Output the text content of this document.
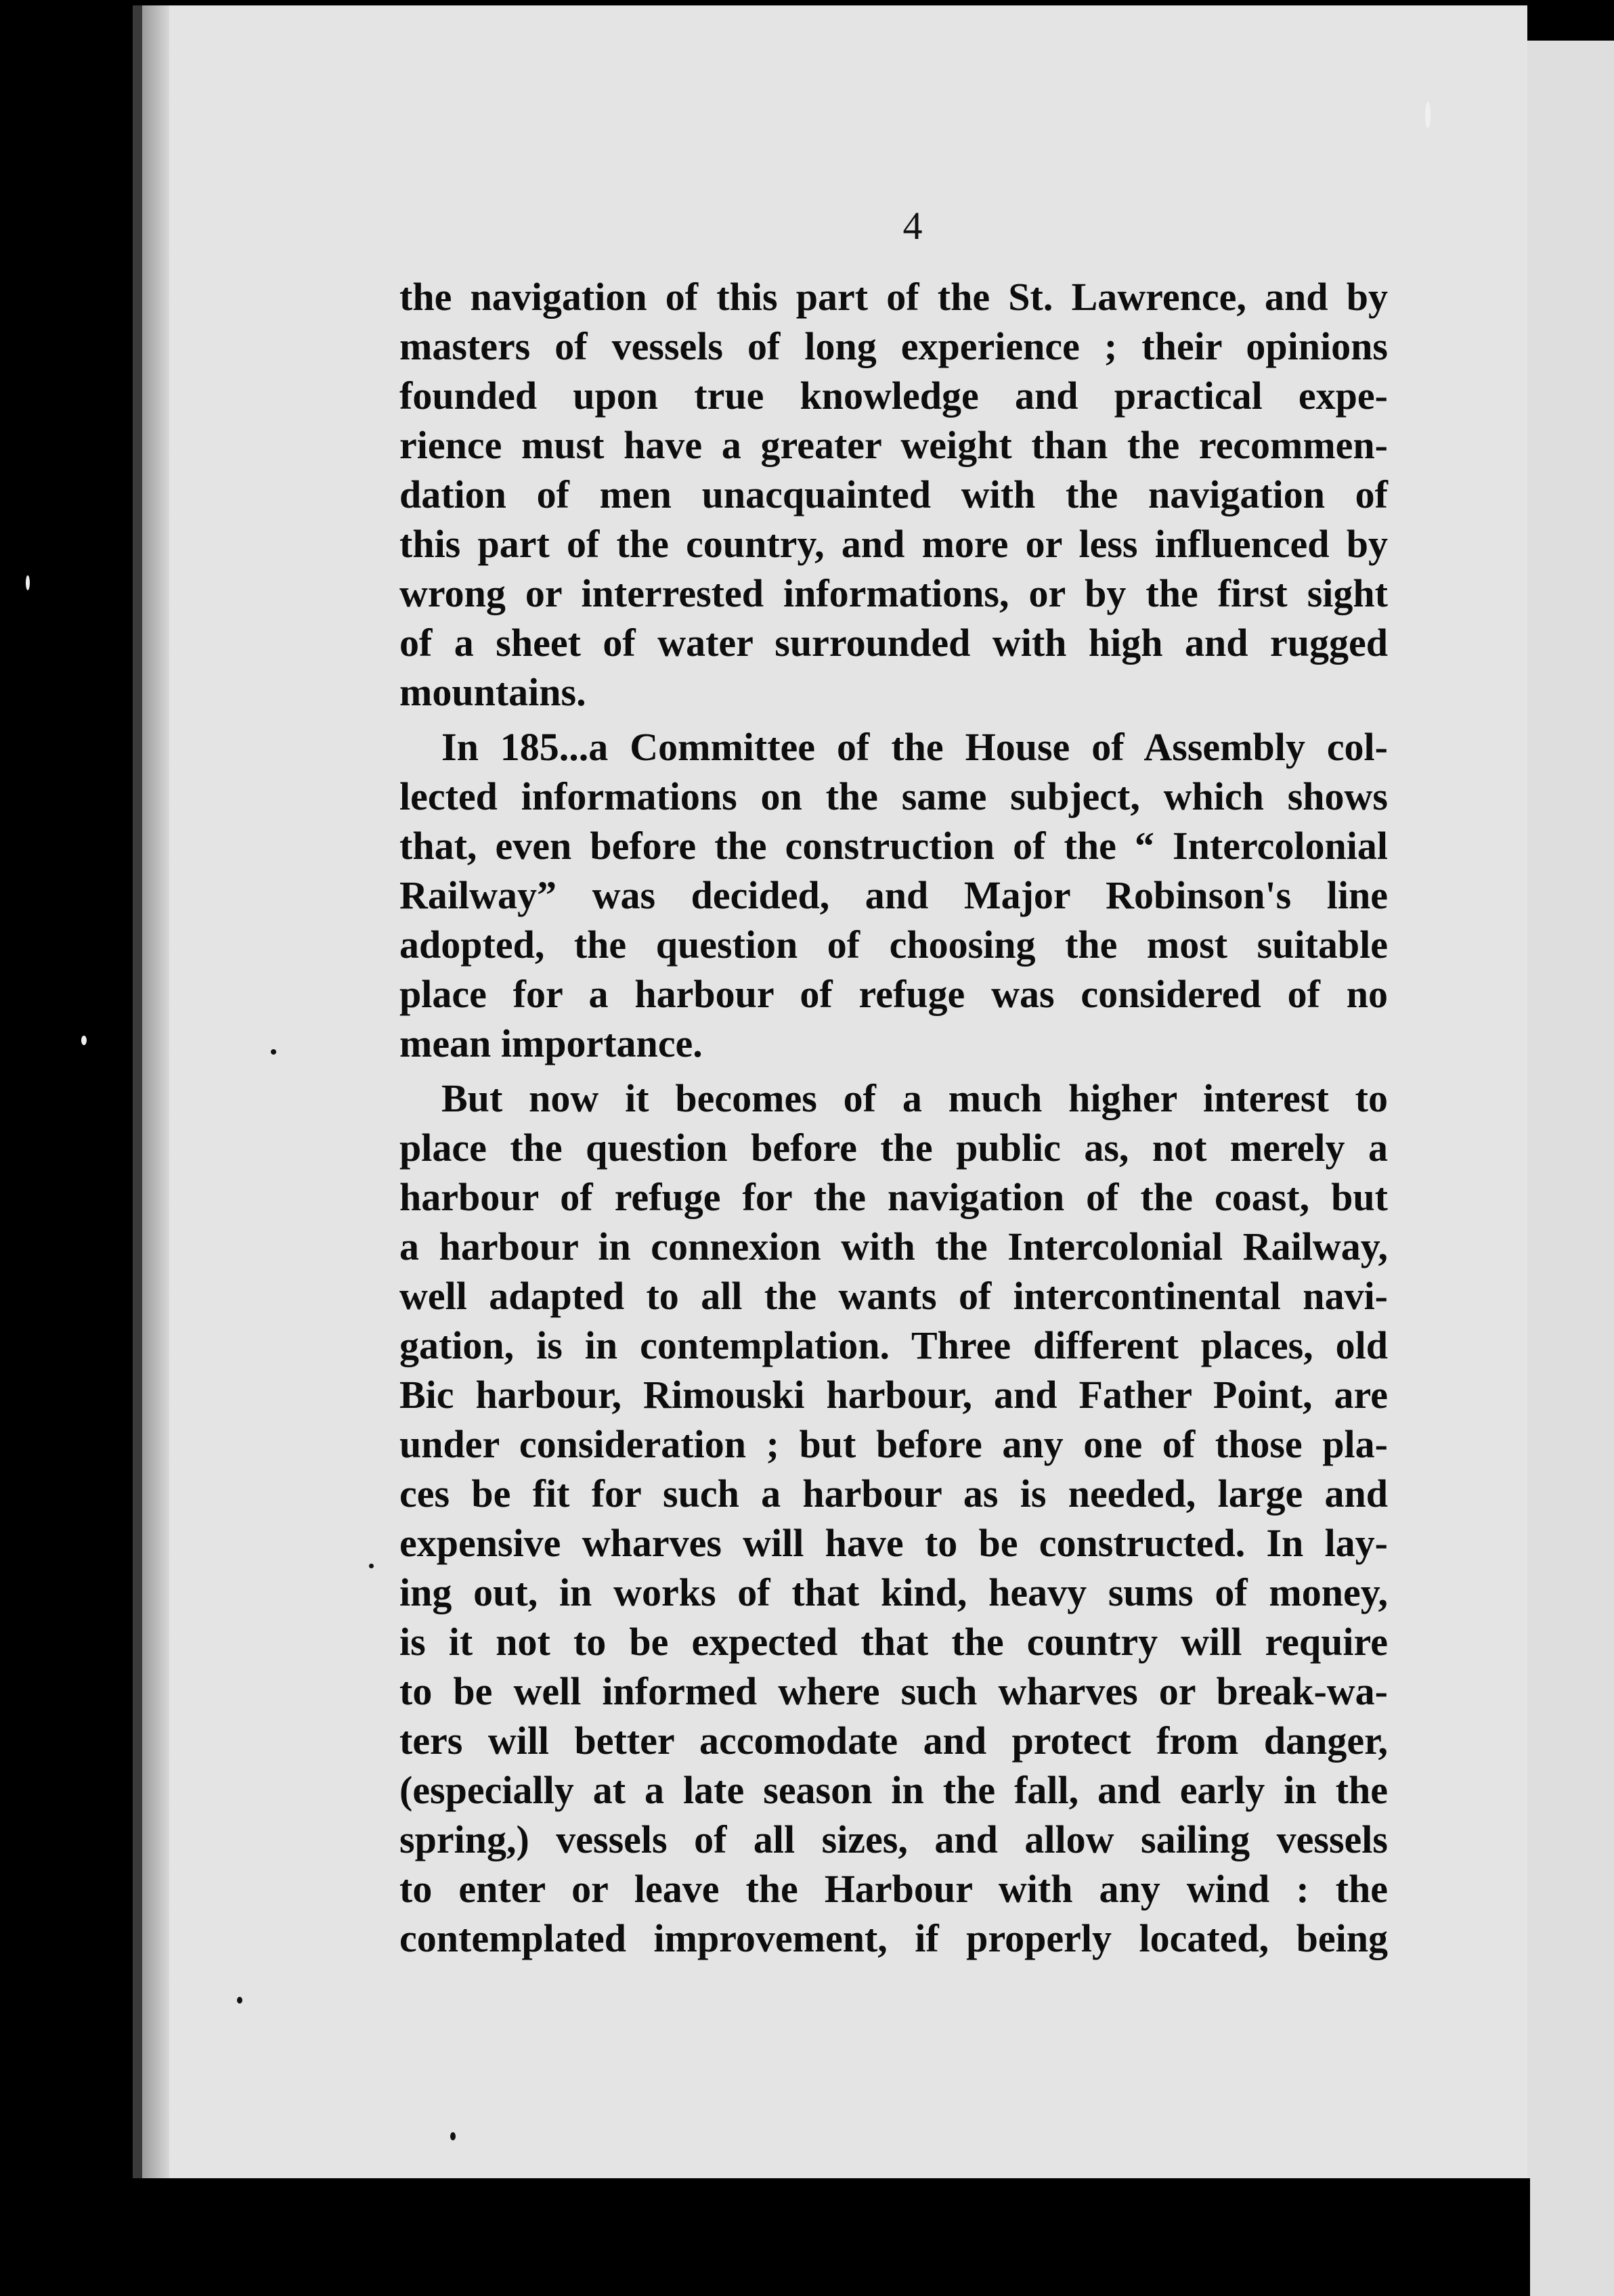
4
the navigation of this part of the St. Lawrence, and by
masters of vessels of long experience ; their opinions
founded upon true knowledge and practical expe-
rience must have a greater weight than the recommen-
dation of men unacquainted with the navigation of
this part of the country, and more or less influenced by
wrong or interrested informations, or by the first sight
of a sheet of water surrounded with high and rugged
mountains.
In 185...a Committee of the House of Assembly col-
lected informations on the same subject, which shows
that, even before the construction of the “ Intercolonial
Railway” was decided, and Major Robinson's line
adopted, the question of choosing the most suitable
place for a harbour of refuge was considered of no
mean importance.
But now it becomes of a much higher interest to
place the question before the public as, not merely a
harbour of refuge for the navigation of the coast, but
a harbour in connexion with the Intercolonial Railway,
well adapted to all the wants of intercontinental navi-
gation, is in contemplation. Three different places, old
Bic harbour, Rimouski harbour, and Father Point, are
under consideration ; but before any one of those pla-
ces be fit for such a harbour as is needed, large and
expensive wharves will have to be constructed. In lay-
ing out, in works of that kind, heavy sums of money,
is it not to be expected that the country will require
to be well informed where such wharves or break-wa-
ters will better accomodate and protect from danger,
(especially at a late season in the fall, and early in the
spring,) vessels of all sizes, and allow sailing vessels
to enter or leave the Harbour with any wind : the
contemplated improvement, if properly located, being
